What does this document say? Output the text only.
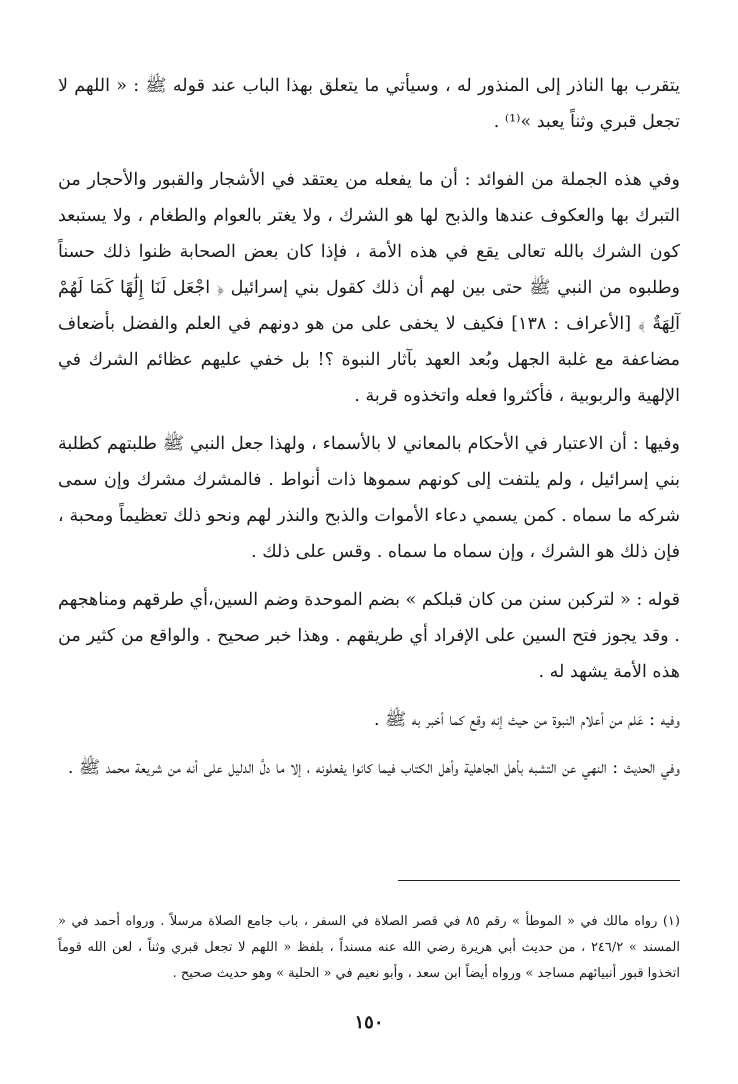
يتقرب بها الناذر إلى المنذور له ، وسيأتي ما يتعلق بهذا الباب عند قوله ﷺ : « اللهم لا تجعل قبري وثناً يعبد »⁽¹⁾ .

وفي هذه الجملة من الفوائد : أن ما يفعله من يعتقد في الأشجار والقبور والأحجار من التبرك بها والعكوف عندها والذبح لها هو الشرك ، ولا يغتر بالعوام والطغام ، ولا يستبعد كون الشرك بالله تعالى يقع في هذه الأمة ، فإذا كان بعض الصحابة ظنوا ذلك حسناً وطلبوه من النبي ﷺ حتى بين لهم أن ذلك كقول بني إسرائيل ﴿ اجْعَل لَنَا إِلَٰهًا كَمَا لَهُمْ آلِهَةٌ ﴾ [الأعراف : ١٣٨] فكيف لا يخفى على من هو دونهم في العلم والفضل بأضعاف مضاعفة مع غلبة الجهل وبُعد العهد بآثار النبوة ؟! بل خفي عليهم عظائم الشرك في الإلهية والربوبية ، فأكثروا فعله واتخذوه قربة .

وفيها : أن الاعتبار في الأحكام بالمعاني لا بالأسماء ، ولهذا جعل النبي ﷺ طلبتهم كطلبة بني إسرائيل ، ولم يلتفت إلى كونهم سموها ذات أنواط . فالمشرك مشرك وإن سمى شركه ما سماه . كمن يسمي دعاء الأموات والذبح والنذر لهم ونحو ذلك تعظيماً ومحبة ، فإن ذلك هو الشرك ، وإن سماه ما سماه . وقس على ذلك .

قوله : « لتركبن سنن من كان قبلكم » بضم الموحدة وضم السين،أي طرقهم ومناهجهم . وقد يجوز فتح السين على الإفراد أي طريقهم . وهذا خبر صحيح . والواقع من كثير من هذه الأمة يشهد له .

وفيه : عَلم من أعلام النبوة من حيث إنه وقع كما أخبر به ﷺ .

وفي الحديث : النهي عن التشبه بأهل الجاهلية وأهل الكتاب فيما كانوا يفعلونه ، إلا ما دلَّ الدليل على أنه من شريعة محمد ﷺ .

(١) رواه مالك في « الموطأ » رقم ٨٥ في قصر الصلاة في السفر ، باب جامع الصلاة مرسلاً . ورواه أحمد في « المسند » ٢٤٦/٢ ، من حديث أبي هريرة رضي الله عنه مسنداً ، بلفظ « اللهم لا تجعل قبري وثناً ، لعن الله قوماً اتخذوا قبور أنبيائهم مساجد » ورواه أيضاً ابن سعد ، وأبو نعيم في « الحلية » وهو حديث صحيح .

١٥٠
